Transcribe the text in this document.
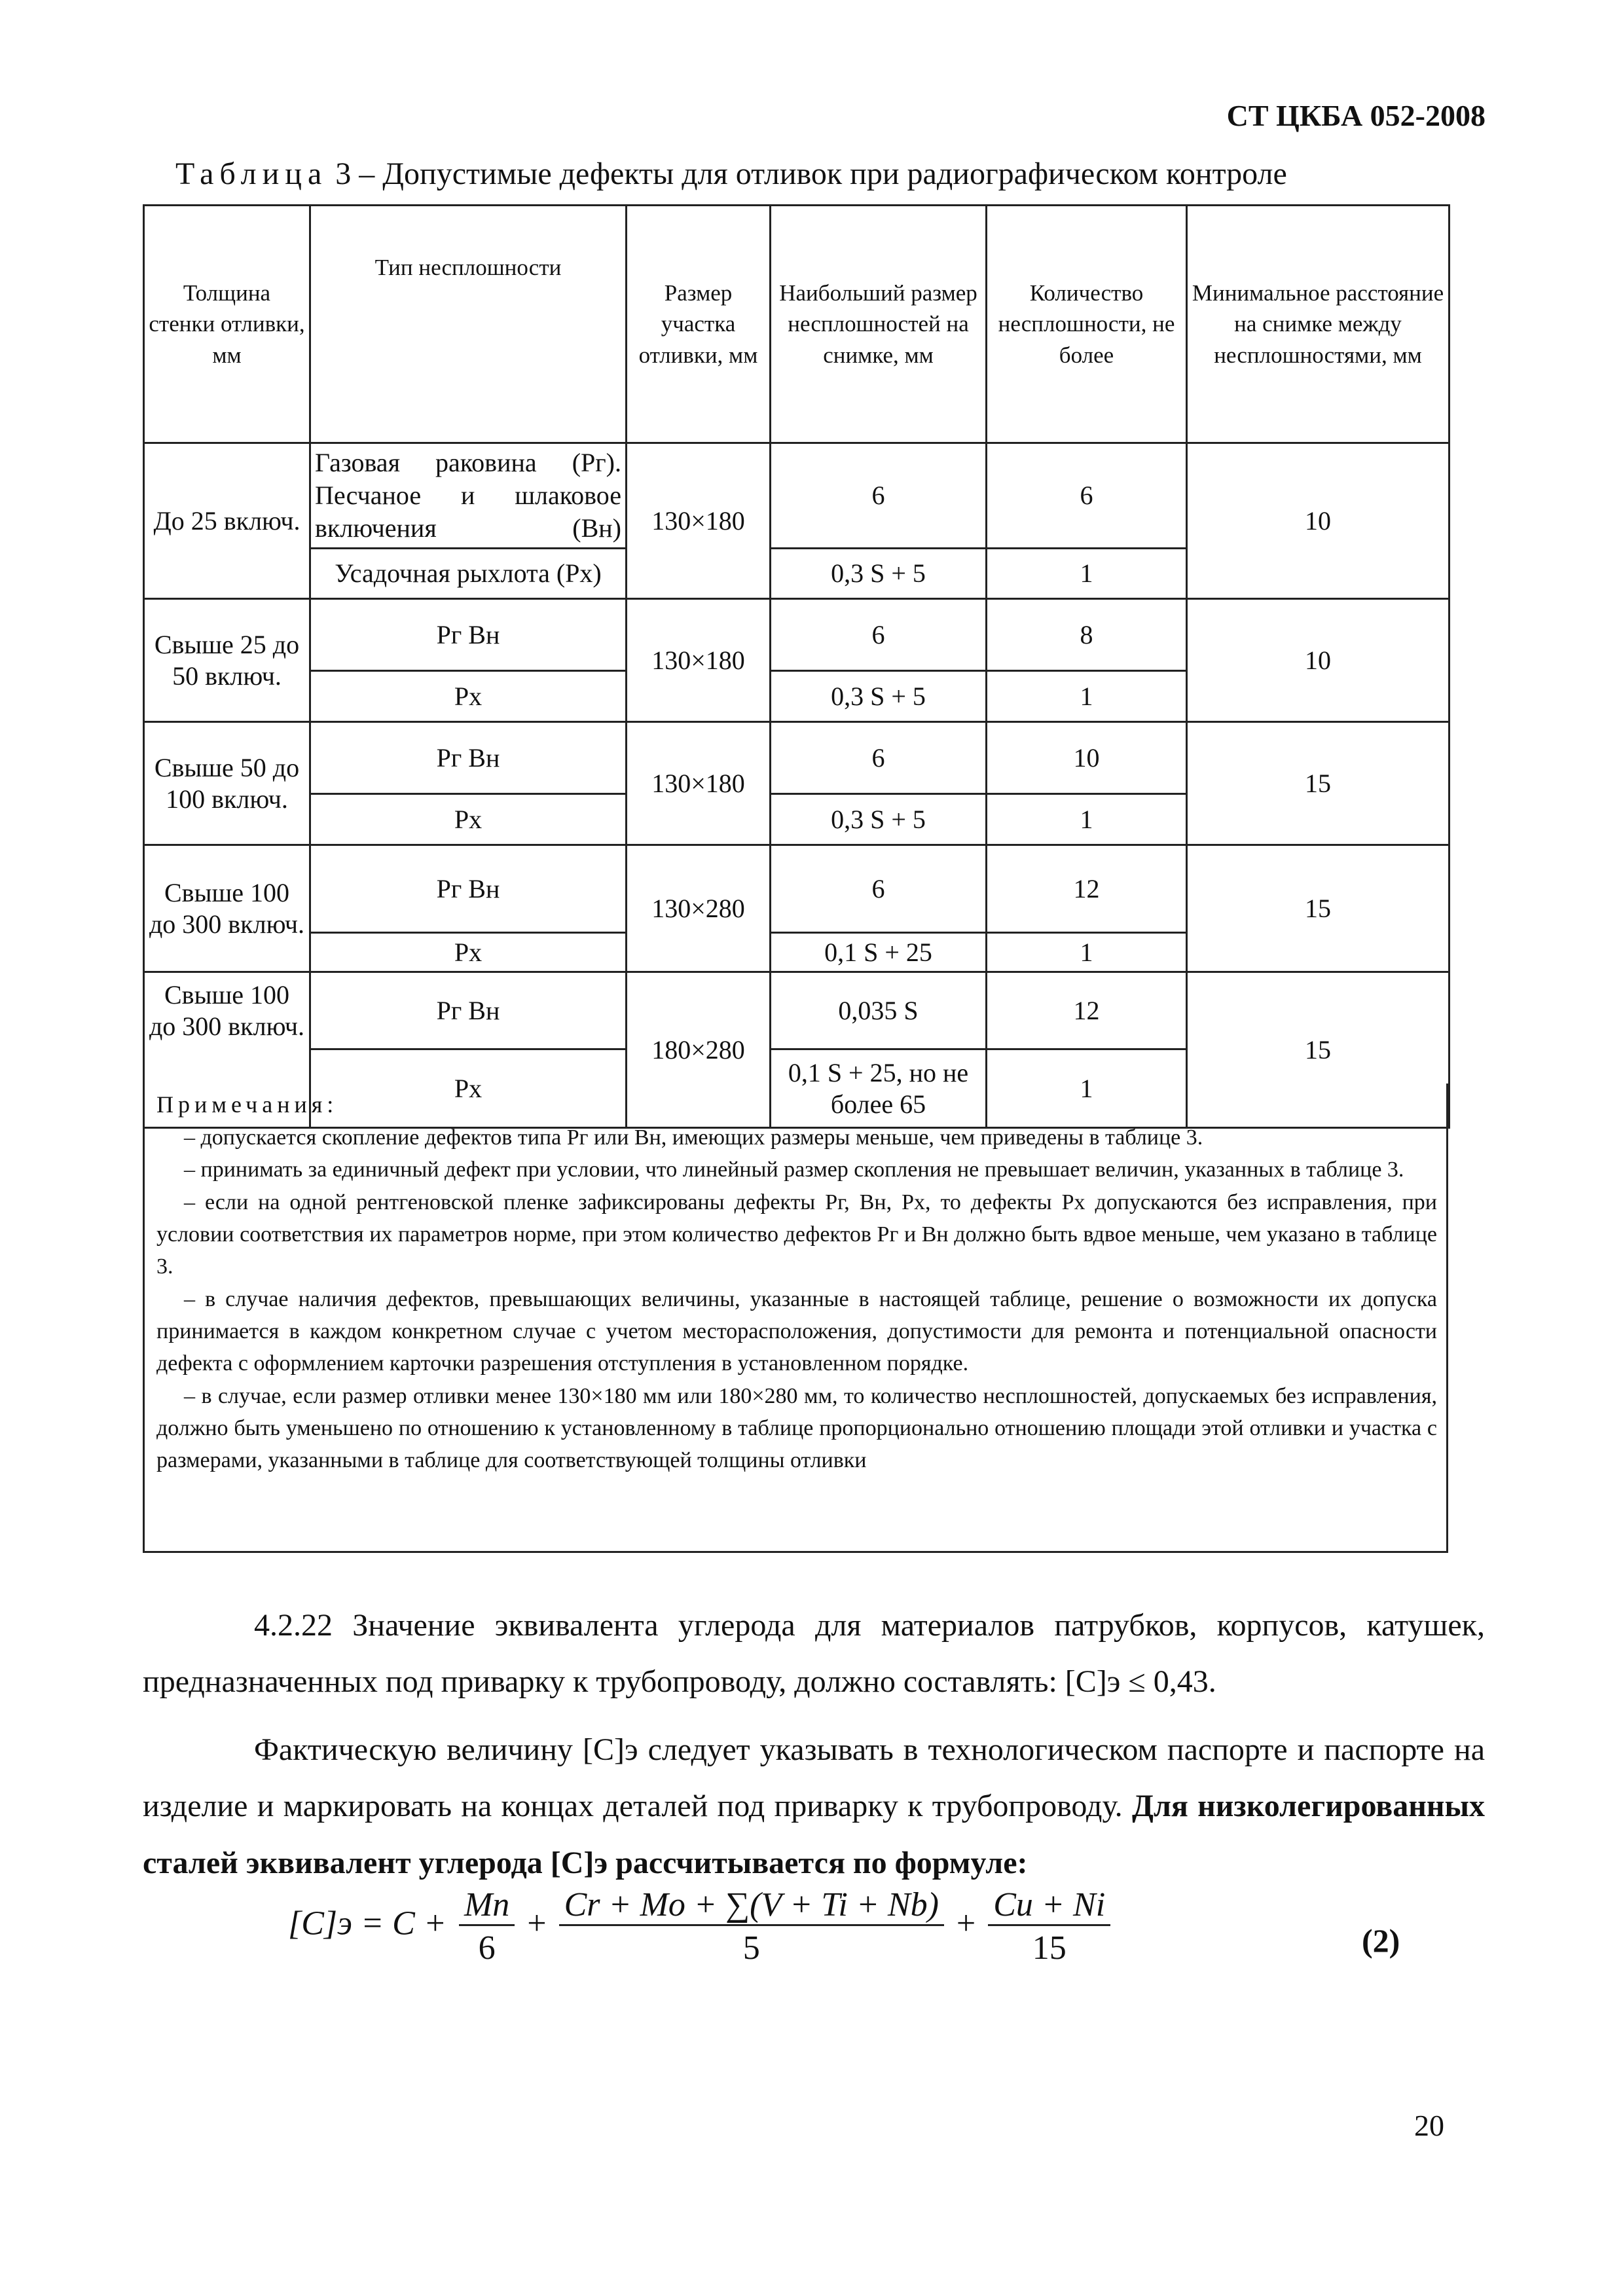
СТ ЦКБА 052-2008
Таблица 3 – Допустимые дефекты для отливок при радиографическом контроле
Толщина стенки отливки, мм	Тип несплошности	Размер участка отливки, мм	Наибольший размер несплошностей на снимке, мм	Количество несплошности, не более	Минимальное расстояние на снимке между несплошностями, мм
До 25 включ.	Газовая раковина (Рг). Песчаное и шлаковое включения (Вн)	130×180	6	6	10
	Усадочная рыхлота (Рх)		0,3 S + 5	1	
Свыше 25 до 50 включ.	Рг Вн	130×180	6	8	10
	Рх		0,3 S + 5	1	
Свыше 50 до 100 включ.	Рг Вн	130×180	6	10	15
	Рх		0,3 S + 5	1	
Свыше 100 до 300 включ.	Рг Вн	130×280	6	12	15
	Рх		0,1 S + 25	1	
Свыше 100 до 300 включ.	Рг Вн	180×280	0,035 S	12	15
	Рх		0,1 S + 25, но не более 65	1	
Примечания:

– допускается скопление дефектов типа Рг или Вн, имеющих размеры меньше, чем приведены в таблице 3.

– принимать за единичный дефект при условии, что линейный размер скопления не превышает величин, указанных в таблице 3.

– если на одной рентгеновской пленке зафиксированы дефекты Рг, Вн, Рх, то дефекты Рх допускаются без исправления, при условии соответствия их параметров норме, при этом количество дефектов Рг и Вн должно быть вдвое меньше, чем указано в таблице 3.

– в случае наличия дефектов, превышающих величины, указанные в настоящей таблице, решение о возможности их допуска принимается в каждом конкретном случае с учетом месторасположения, допустимости для ремонта и потенциальной опасности дефекта с оформлением карточки разрешения отступления в установленном порядке.

– в случае, если размер отливки менее 130×180 мм или 180×280 мм, то количество несплошностей, допускаемых без исправления, должно быть уменьшено по отношению к установленному в таблице пропорционально отношению площади этой отливки и участка с размерами, указанными в таблице для соответствующей толщины отливки

4.2.22 Значение эквивалента углерода для материалов патрубков, корпусов, катушек, предназначенных под приварку к трубопроводу, должно составлять: [С]э ≤ 0,43.
Фактическую величину [С]э следует указывать в технологическом паспорте и паспорте на изделие и маркировать на концах деталей под приварку к трубопроводу. Для низколегированных сталей эквивалент углерода [С]э рассчитывается по формуле:
$[C]э = C + \frac{Mn}{6} + \frac{Cr + Mo + \sum(V + Ti + Nb)}{5} + \frac{Cu + Ni}{15}$	(2)
20
